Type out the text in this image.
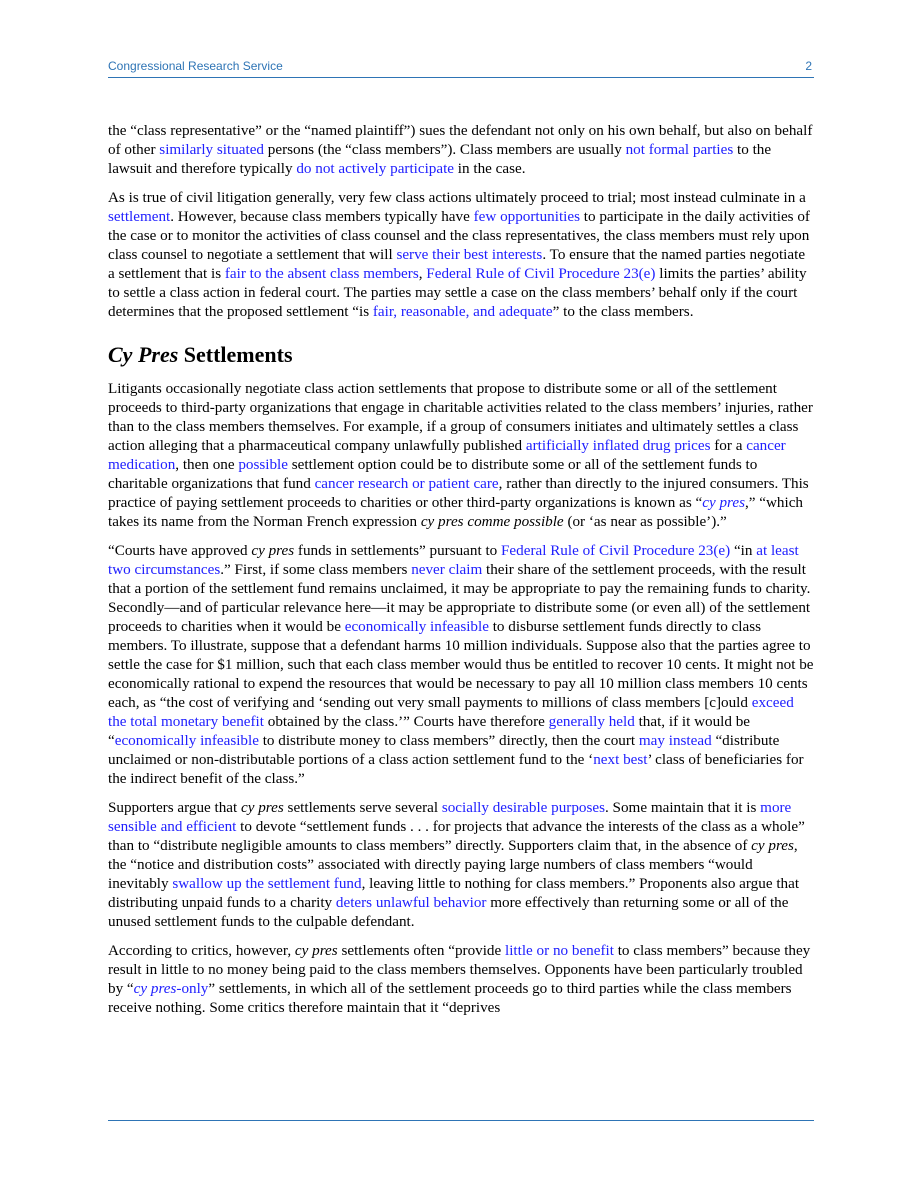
Congressional Research Service	2

the “class representative” or the “named plaintiff”) sues the defendant not only on his own behalf, but also on behalf of other similarly situated persons (the “class members”). Class members are usually not formal parties to the lawsuit and therefore typically do not actively participate in the case.

As is true of civil litigation generally, very few class actions ultimately proceed to trial; most instead culminate in a settlement. However, because class members typically have few opportunities to participate in the daily activities of the case or to monitor the activities of class counsel and the class representatives, the class members must rely upon class counsel to negotiate a settlement that will serve their best interests. To ensure that the named parties negotiate a settlement that is fair to the absent class members, Federal Rule of Civil Procedure 23(e) limits the parties’ ability to settle a class action in federal court. The parties may settle a case on the class members’ behalf only if the court determines that the proposed settlement “is fair, reasonable, and adequate” to the class members.

Cy Pres Settlements

Litigants occasionally negotiate class action settlements that propose to distribute some or all of the settlement proceeds to third-party organizations that engage in charitable activities related to the class members’ injuries, rather than to the class members themselves. For example, if a group of consumers initiates and ultimately settles a class action alleging that a pharmaceutical company unlawfully published artificially inflated drug prices for a cancer medication, then one possible settlement option could be to distribute some or all of the settlement funds to charitable organizations that fund cancer research or patient care, rather than directly to the injured consumers. This practice of paying settlement proceeds to charities or other third-party organizations is known as “cy pres,” “which takes its name from the Norman French expression cy pres comme possible (or ‘as near as possible’).”

“Courts have approved cy pres funds in settlements” pursuant to Federal Rule of Civil Procedure 23(e) “in at least two circumstances.” First, if some class members never claim their share of the settlement proceeds, with the result that a portion of the settlement fund remains unclaimed, it may be appropriate to pay the remaining funds to charity. Secondly—and of particular relevance here—it may be appropriate to distribute some (or even all) of the settlement proceeds to charities when it would be economically infeasible to disburse settlement funds directly to class members. To illustrate, suppose that a defendant harms 10 million individuals. Suppose also that the parties agree to settle the case for $1 million, such that each class member would thus be entitled to recover 10 cents. It might not be economically rational to expend the resources that would be necessary to pay all 10 million class members 10 cents each, as “the cost of verifying and ‘sending out very small payments to millions of class members [c]ould exceed the total monetary benefit obtained by the class.’” Courts have therefore generally held that, if it would be “economically infeasible to distribute money to class members” directly, then the court may instead “distribute unclaimed or non-distributable portions of a class action settlement fund to the ‘next best’ class of beneficiaries for the indirect benefit of the class.”

Supporters argue that cy pres settlements serve several socially desirable purposes. Some maintain that it is more sensible and efficient to devote “settlement funds . . . for projects that advance the interests of the class as a whole” than to “distribute negligible amounts to class members” directly. Supporters claim that, in the absence of cy pres, the “notice and distribution costs” associated with directly paying large numbers of class members “would inevitably swallow up the settlement fund, leaving little to nothing for class members.” Proponents also argue that distributing unpaid funds to a charity deters unlawful behavior more effectively than returning some or all of the unused settlement funds to the culpable defendant.

According to critics, however, cy pres settlements often “provide little or no benefit to class members” because they result in little to no money being paid to the class members themselves. Opponents have been particularly troubled by “cy pres-only” settlements, in which all of the settlement proceeds go to third parties while the class members receive nothing. Some critics therefore maintain that it “deprives
